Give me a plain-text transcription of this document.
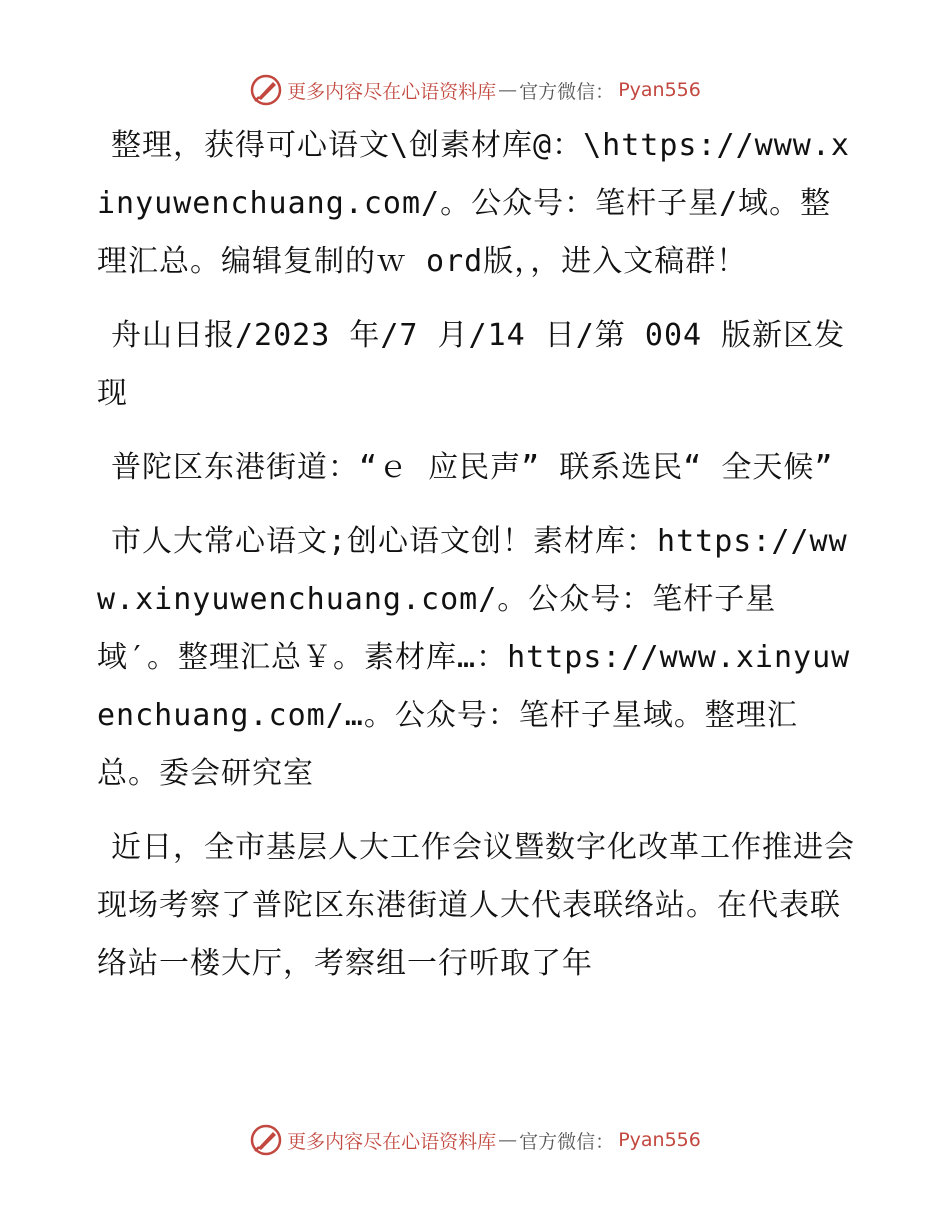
更多内容尽在心语资料库 — 官方微信： Pyan556

整理，获得可心语文\创素材库@：\https://www.xinyuwenchuang.com/。公众号：笔杆子星/域。整理汇总。编辑复制的ｗ ord版，，进入文稿群！

舟山日报/2023 年/7 月/14 日/第 004 版新区发现

普陀区东港街道：“ｅ 应民声” 联系选民“ 全天候”

市人大常心语文;创心语文创！素材库：https://www.xinyuwenchuang.com/。公众号：笔杆子星域′。整理汇总￥。素材库…：https://www.xinyuwenchuang.com/…。公众号：笔杆子星域。整理汇总。委会研究室

近日，全市基层人大工作会议暨数字化改革工作推进会现场考察了普陀区东港街道人大代表联络站。在代表联络站一楼大厅，考察组一行听取了年

更多内容尽在心语资料库 — 官方微信： Pyan556
